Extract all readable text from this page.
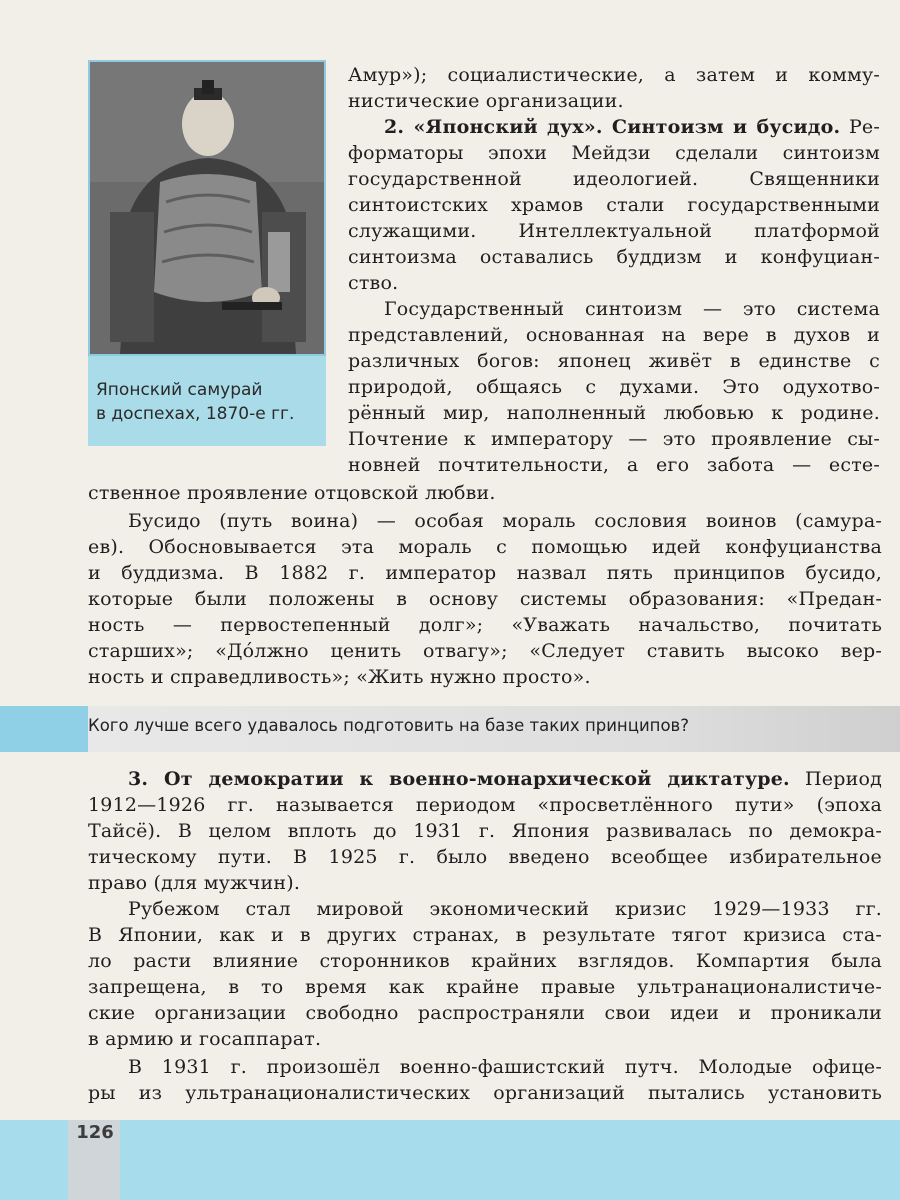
Японский самурай
в доспехах, 1870-е гг.
Амур»); социалистические, а затем и комму-
нистические организации.
2. «Японский дух». Синтоизм и бусидо. Ре-
форматоры эпохи Мейдзи сделали синтоизм
государственной идеологией. Священники
синтоистских храмов стали государственными
служащими. Интеллектуальной платформой
синтоизма оставались буддизм и конфуциан-
ство.
Государственный синтоизм — это система
представлений, основанная на вере в духов и
различных богов: японец живёт в единстве с
природой, общаясь с духами. Это одухотво-
рённый мир, наполненный любовью к родине.
Почтение к императору — это проявление сы-
новней почтительности, а его забота — есте-
ственное проявление отцовской любви.
Бусидо (путь воина) — особая мораль сословия воинов (самура-
ев). Обосновывается эта мораль с помощью идей конфуцианства
и буддизма. В 1882 г. император назвал пять принципов бусидо,
которые были положены в основу системы образования: «Предан-
ность — первостепенный долг»; «Уважать начальство, почитать
старших»; «До́лжно ценить отвагу»; «Следует ставить высоко вер-
ность и справедливость»; «Жить нужно просто».
Кого лучше всего удавалось подготовить на базе таких принципов?
3. От демократии к военно-монархической диктатуре. Период
1912—1926 гг. называется периодом «просветлённого пути» (эпоха
Тайсё). В целом вплоть до 1931 г. Япония развивалась по демокра-
тическому пути. В 1925 г. было введено всеобщее избирательное
право (для мужчин).
Рубежом стал мировой экономический кризис 1929—1933 гг.
В Японии, как и в других странах, в результате тягот кризиса ста-
ло расти влияние сторонников крайних взглядов. Компартия была
запрещена, в то время как крайне правые ультранационалистиче-
ские организации свободно распространяли свои идеи и проникали
в армию и госаппарат.
В 1931 г. произошёл военно-фашистский путч. Молодые офице-
ры из ультранационалистических организаций пытались установить
126
